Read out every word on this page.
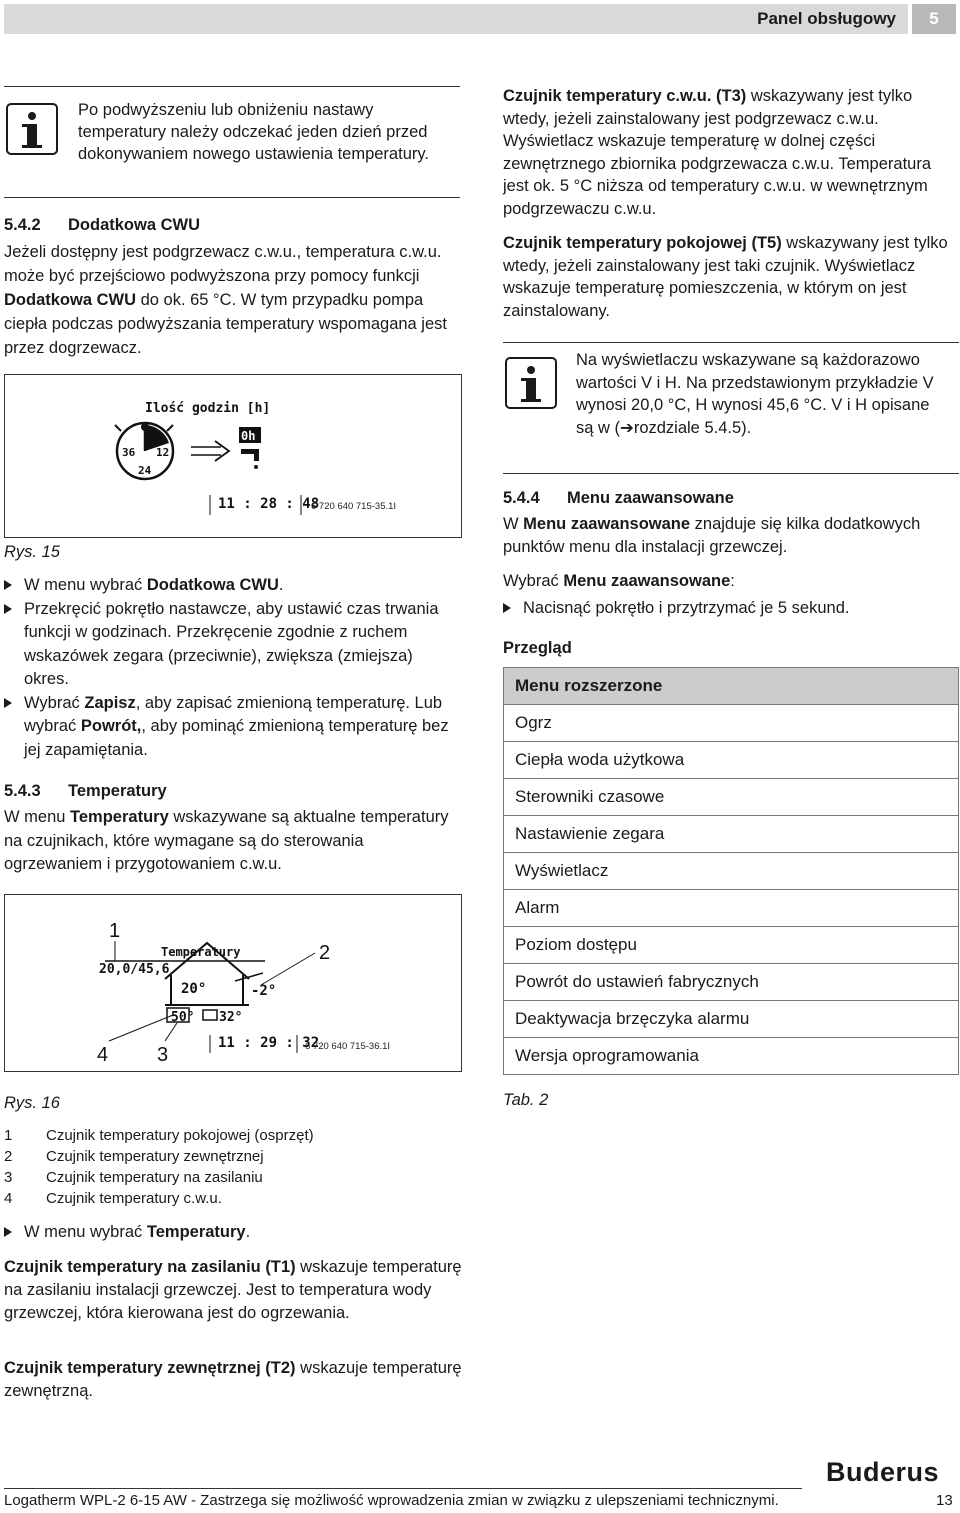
Panel obsługowy	5
Po podwyższeniu lub obniżeniu nastawy temperatury należy odczekać jeden dzień przed dokonywaniem nowego ustawienia temperatury.
5.4.2 Dodatkowa CWU
Jeżeli dostępny jest podgrzewacz c.w.u., temperatura c.w.u. może być przejściowo podwyższona przy pomocy funkcji Dodatkowa CWU do ok. 65 °C. W tym przypadku pompa ciepła podczas podwyższania temperatury wspomagana jest przez dogrzewacz.
Ilość godzin [h]
36 12
24
0h
11 : 28 : 48
6 720 640 715-35.1I
Rys. 15
W menu wybrać Dodatkowa CWU.
Przekręcić pokrętło nastawcze, aby ustawić czas trwania funkcji w godzinach. Przekręcenie zgodnie z ruchem wskazówek zegara (przeciwnie), zwiększa (zmiejsza) okres.
Wybrać Zapisz, aby zapisać zmienioną temperaturę. Lub wybrać Powrót,, aby pominąć zmienioną temperaturę bez jej zapamiętania.
5.4.3 Temperatury
W menu Temperatury wskazywane są aktualne temperatury na czujnikach, które wymagane są do sterowania ogrzewaniem i przygotowaniem c.w.u.
Temperatury
20,0/45,6
20°	-2°
50° 32°
11 : 29 : 32
6 720 640 715-36.1I
1
2
3
4
Rys. 16
1	Czujnik temperatury pokojowej (osprzęt)
2	Czujnik temperatury zewnętrznej
3	Czujnik temperatury na zasilaniu
4	Czujnik temperatury c.w.u.
W menu wybrać Temperatury.
Czujnik temperatury na zasilaniu (T1) wskazuje temperaturę na zasilaniu instalacji grzewczej. Jest to temperatura wody grzewczej, która kierowana jest do ogrzewania.
Czujnik temperatury zewnętrznej (T2) wskazuje temperaturę zewnętrzną.
Czujnik temperatury c.w.u. (T3) wskazywany jest tylko wtedy, jeżeli zainstalowany jest podgrzewacz c.w.u. Wyświetlacz wskazuje temperaturę w dolnej części zewnętrznego zbiornika podgrzewacza c.w.u. Temperatura jest ok. 5 °C niższa od temperatury c.w.u. w wewnętrznym podgrzewaczu c.w.u.
Czujnik temperatury pokojowej (T5) wskazywany jest tylko wtedy, jeżeli zainstalowany jest taki czujnik. Wyświetlacz wskazuje temperaturę pomieszczenia, w którym on jest zainstalowany.
Na wyświetlaczu wskazywane są każdorazowo wartości V i H. Na przedstawionym przykładzie V wynosi 20,0 °C, H wynosi 45,6 °C. V i H opisane są w (➔rozdziale 5.4.5).
5.4.4 Menu zaawansowane
W Menu zaawansowane znajduje się kilka dodatkowych punktów menu dla instalacji grzewczej.
Wybrać Menu zaawansowane:
Nacisnąć pokrętło i przytrzymać je 5 sekund.
Przegląd
Menu rozszerzone
Ogrz
Ciepła woda użytkowa
Sterowniki czasowe
Nastawienie zegara
Wyświetlacz
Alarm
Poziom dostępu
Powrót do ustawień fabrycznych
Deaktywacja brzęczyka alarmu
Wersja oprogramowania
Tab. 2
Buderus
Logatherm WPL-2 6-15 AW - Zastrzega się możliwość wprowadzenia zmian w związku z ulepszeniami technicznymi.	13
